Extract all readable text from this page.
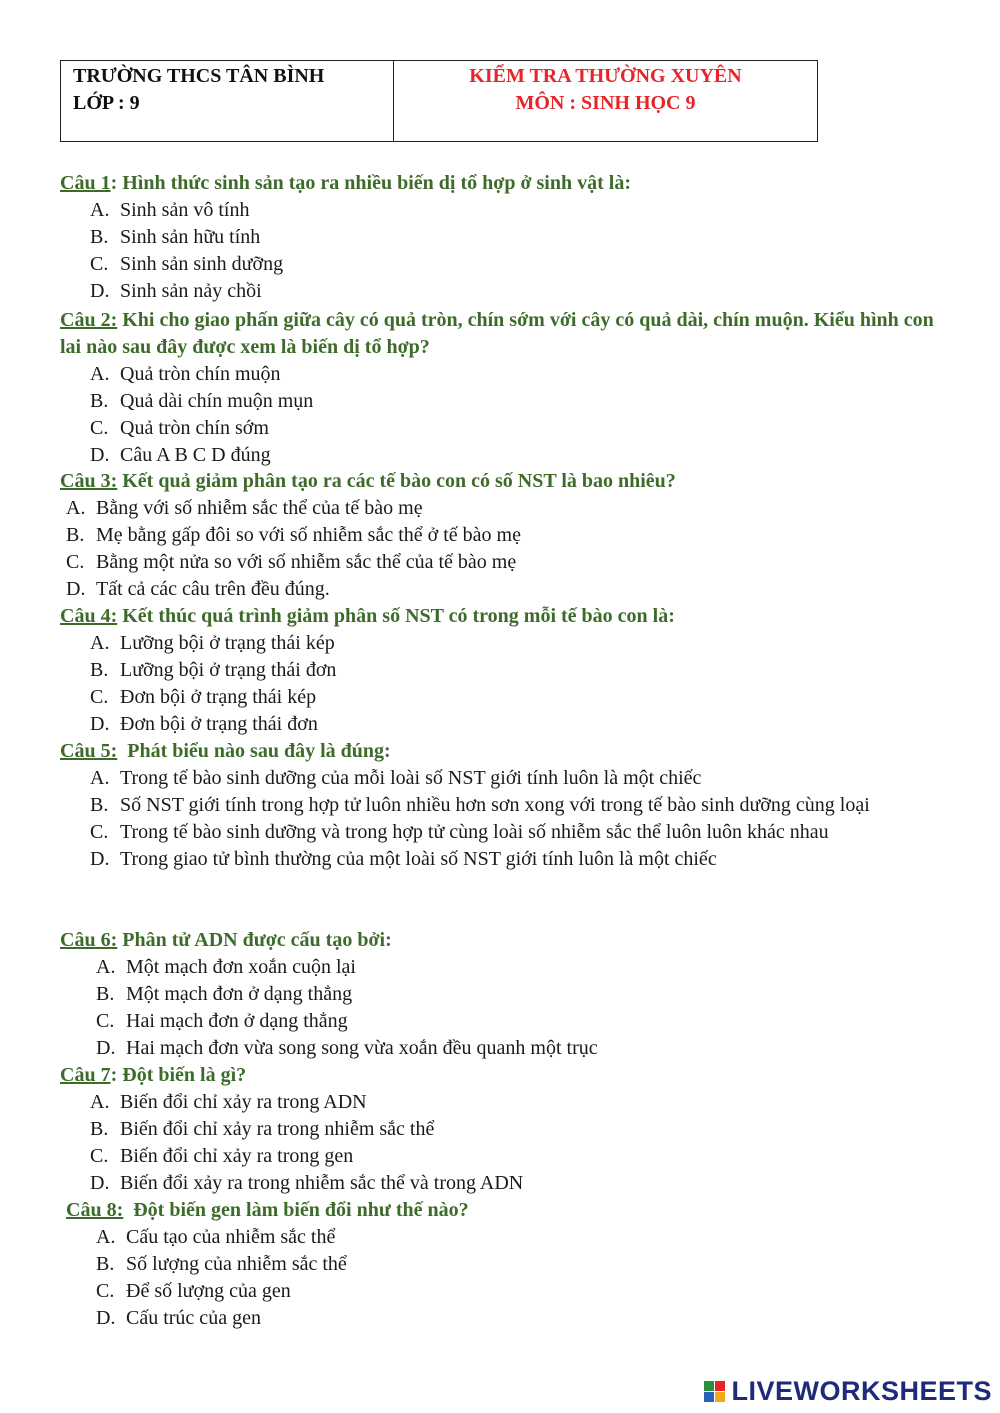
TRƯỜNG THCS TÂN BÌNH
LỚP : 9
KIỂM TRA THƯỜNG XUYÊN
MÔN : SINH HỌC 9
Câu 1: Hình thức sinh sản tạo ra nhiều biến dị tổ hợp ở sinh vật là:
A. Sinh sản vô tính
B. Sinh sản hữu tính
C. Sinh sản sinh dưỡng
D. Sinh sản nảy chồi
Câu 2: Khi cho giao phấn giữa cây có quả tròn, chín sớm với cây có quả dài, chín muộn. Kiểu hình con lai nào sau đây được xem là biến dị tổ hợp?
A. Quả tròn chín muộn
B. Quả dài chín muộn mụn
C. Quả tròn chín sớm
D. Câu A B C D đúng
Câu 3: Kết quả giảm phân tạo ra các tế bào con có số NST là bao nhiêu?
A. Bằng với số nhiễm sắc thể của tế bào mẹ
B. Mẹ bằng gấp đôi so với số nhiễm sắc thể ở tế bào mẹ
C. Bằng một nửa so với số nhiễm sắc thể của tế bào mẹ
D. Tất cả các câu trên đều đúng.
Câu 4: Kết thúc quá trình giảm phân số NST có trong mỗi tế bào con là:
A. Lưỡng bội ở trạng thái kép
B. Lưỡng bội ở trạng thái đơn
C. Đơn bội ở trạng thái kép
D. Đơn bội ở trạng thái đơn
Câu 5:  Phát biểu nào sau đây là đúng:
A. Trong tế bào sinh dưỡng của mỗi loài số NST giới tính luôn là một chiếc
B. Số NST giới tính trong hợp tử luôn nhiều hơn sơn xong với trong tế bào sinh dưỡng cùng loại
C. Trong tế bào sinh dưỡng và trong hợp tử cùng loài số nhiễm sắc thể luôn luôn khác nhau
D. Trong giao tử bình thường của một loài số NST giới tính luôn là một chiếc
Câu 6: Phân tử ADN được cấu tạo bởi:
A. Một mạch đơn xoắn cuộn lại
B. Một mạch đơn ở dạng thẳng
C. Hai mạch đơn ở dạng thẳng
D. Hai mạch đơn vừa song song vừa xoắn đều quanh một trục
Câu 7: Đột biến là gì?
A. Biến đổi chỉ xảy ra trong ADN
B. Biến đổi chỉ xảy ra trong nhiễm sắc thể
C. Biến đổi chỉ xảy ra trong gen
D. Biến đổi xảy ra trong nhiễm sắc thể và trong ADN
Câu 8:  Đột biến gen làm biến đổi như thế nào?
A. Cấu tạo của nhiễm sắc thể
B. Số lượng của nhiễm sắc thể
C. Để số lượng của gen
D. Cấu trúc của gen
LIVEWORKSHEETS
